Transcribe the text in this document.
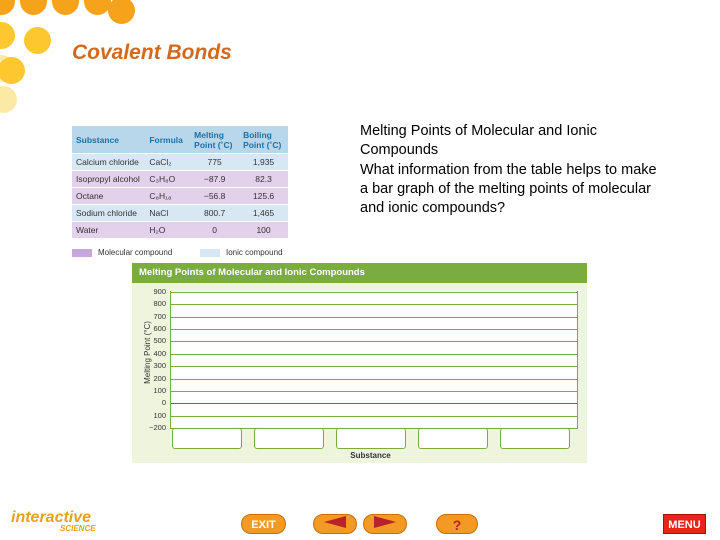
Covalent Bonds
Substance	Formula	Melting Point (˚C)	Boiling Point (˚C)
Calcium chloride	CaCl₂	775	1,935
Isopropyl alcohol	C₃H₈O	−87.9	82.3
Octane	C₈H₁₈	−56.8	125.6
Sodium chloride	NaCl	800.7	1,465
Water	H₂O	0	100
Molecular compound	Ionic compound
Melting Points of Molecular and Ionic Compounds
What information from the table helps to make a bar graph of the melting points of molecular and ionic compounds?
Melting Points of Molecular and Ionic Compounds
Melting Point (°C)
900
800
700
600
500
400
300
200
100
0
100
−200
Substance
interactive
SCIENCE	EXIT	?	MENU
